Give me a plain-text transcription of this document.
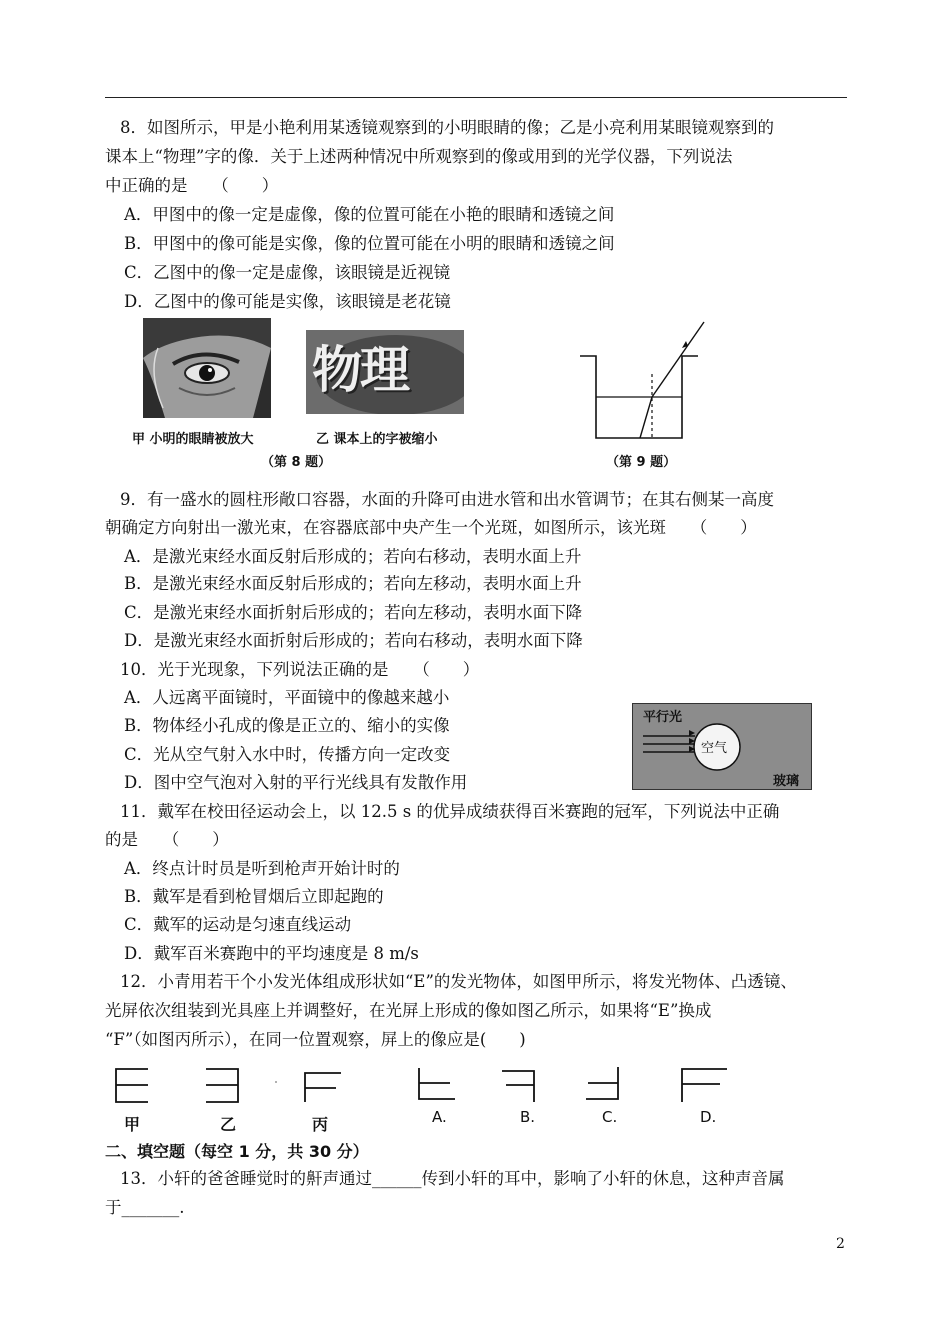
8．如图所示，甲是小艳利用某透镜观察到的小明眼睛的像；乙是小亮利用某眼镜观察到的
课本上“物理”字的像．关于上述两种情况中所观察到的像或用到的光学仪器，下列说法
中正确的是　　（　　）
A．甲图中的像一定是虚像，像的位置可能在小艳的眼睛和透镜之间
B．甲图中的像可能是实像，像的位置可能在小明的眼睛和透镜之间
C．乙图中的像一定是虚像，该眼镜是近视镜
D．乙图中的像可能是实像，该眼镜是老花镜
甲 小明的眼睛被放大
物理
乙 课本上的字被缩小
（第 8 题）	（第 9 题）
9．有一盛水的圆柱形敞口容器，水面的升降可由进水管和出水管调节；在其右侧某一高度
朝确定方向射出一激光束，在容器底部中央产生一个光斑，如图所示，该光斑　　（　　）
A．是激光束经水面反射后形成的；若向右移动，表明水面上升
B．是激光束经水面反射后形成的；若向左移动，表明水面上升
C．是激光束经水面折射后形成的；若向左移动，表明水面下降
D．是激光束经水面折射后形成的；若向右移动，表明水面下降
10．光于光现象，下列说法正确的是　　（　　）
A．人远离平面镜时，平面镜中的像越来越小
B．物体经小孔成的像是正立的、缩小的实像
C．光从空气射入水中时，传播方向一定改变
D．图中空气泡对入射的平行光线具有发散作用
平行光
空气
玻璃
11．戴军在校田径运动会上，以 12.5 s 的优异成绩获得百米赛跑的冠军，下列说法中正确
的是　　（　　）
A．终点计时员是听到枪声开始计时的
B．戴军是看到枪冒烟后立即起跑的
C．戴军的运动是匀速直线运动
D．戴军百米赛跑中的平均速度是 8 m/s
12．小青用若干个小发光体组成形状如“E”的发光物体，如图甲所示，将发光物体、凸透镜、
光屏依次组装到光具座上并调整好，在光屏上形成的像如图乙所示，如果将“E”换成
“F”（如图丙所示），在同一位置观察，屏上的像应是(　　)
甲	乙	丙	A.	B.	C.	D.
二、填空题（每空 1 分，共 30 分）
13．小轩的爸爸睡觉时的鼾声通过______传到小轩的耳中，影响了小轩的休息，这种声音属
于_______.
2
